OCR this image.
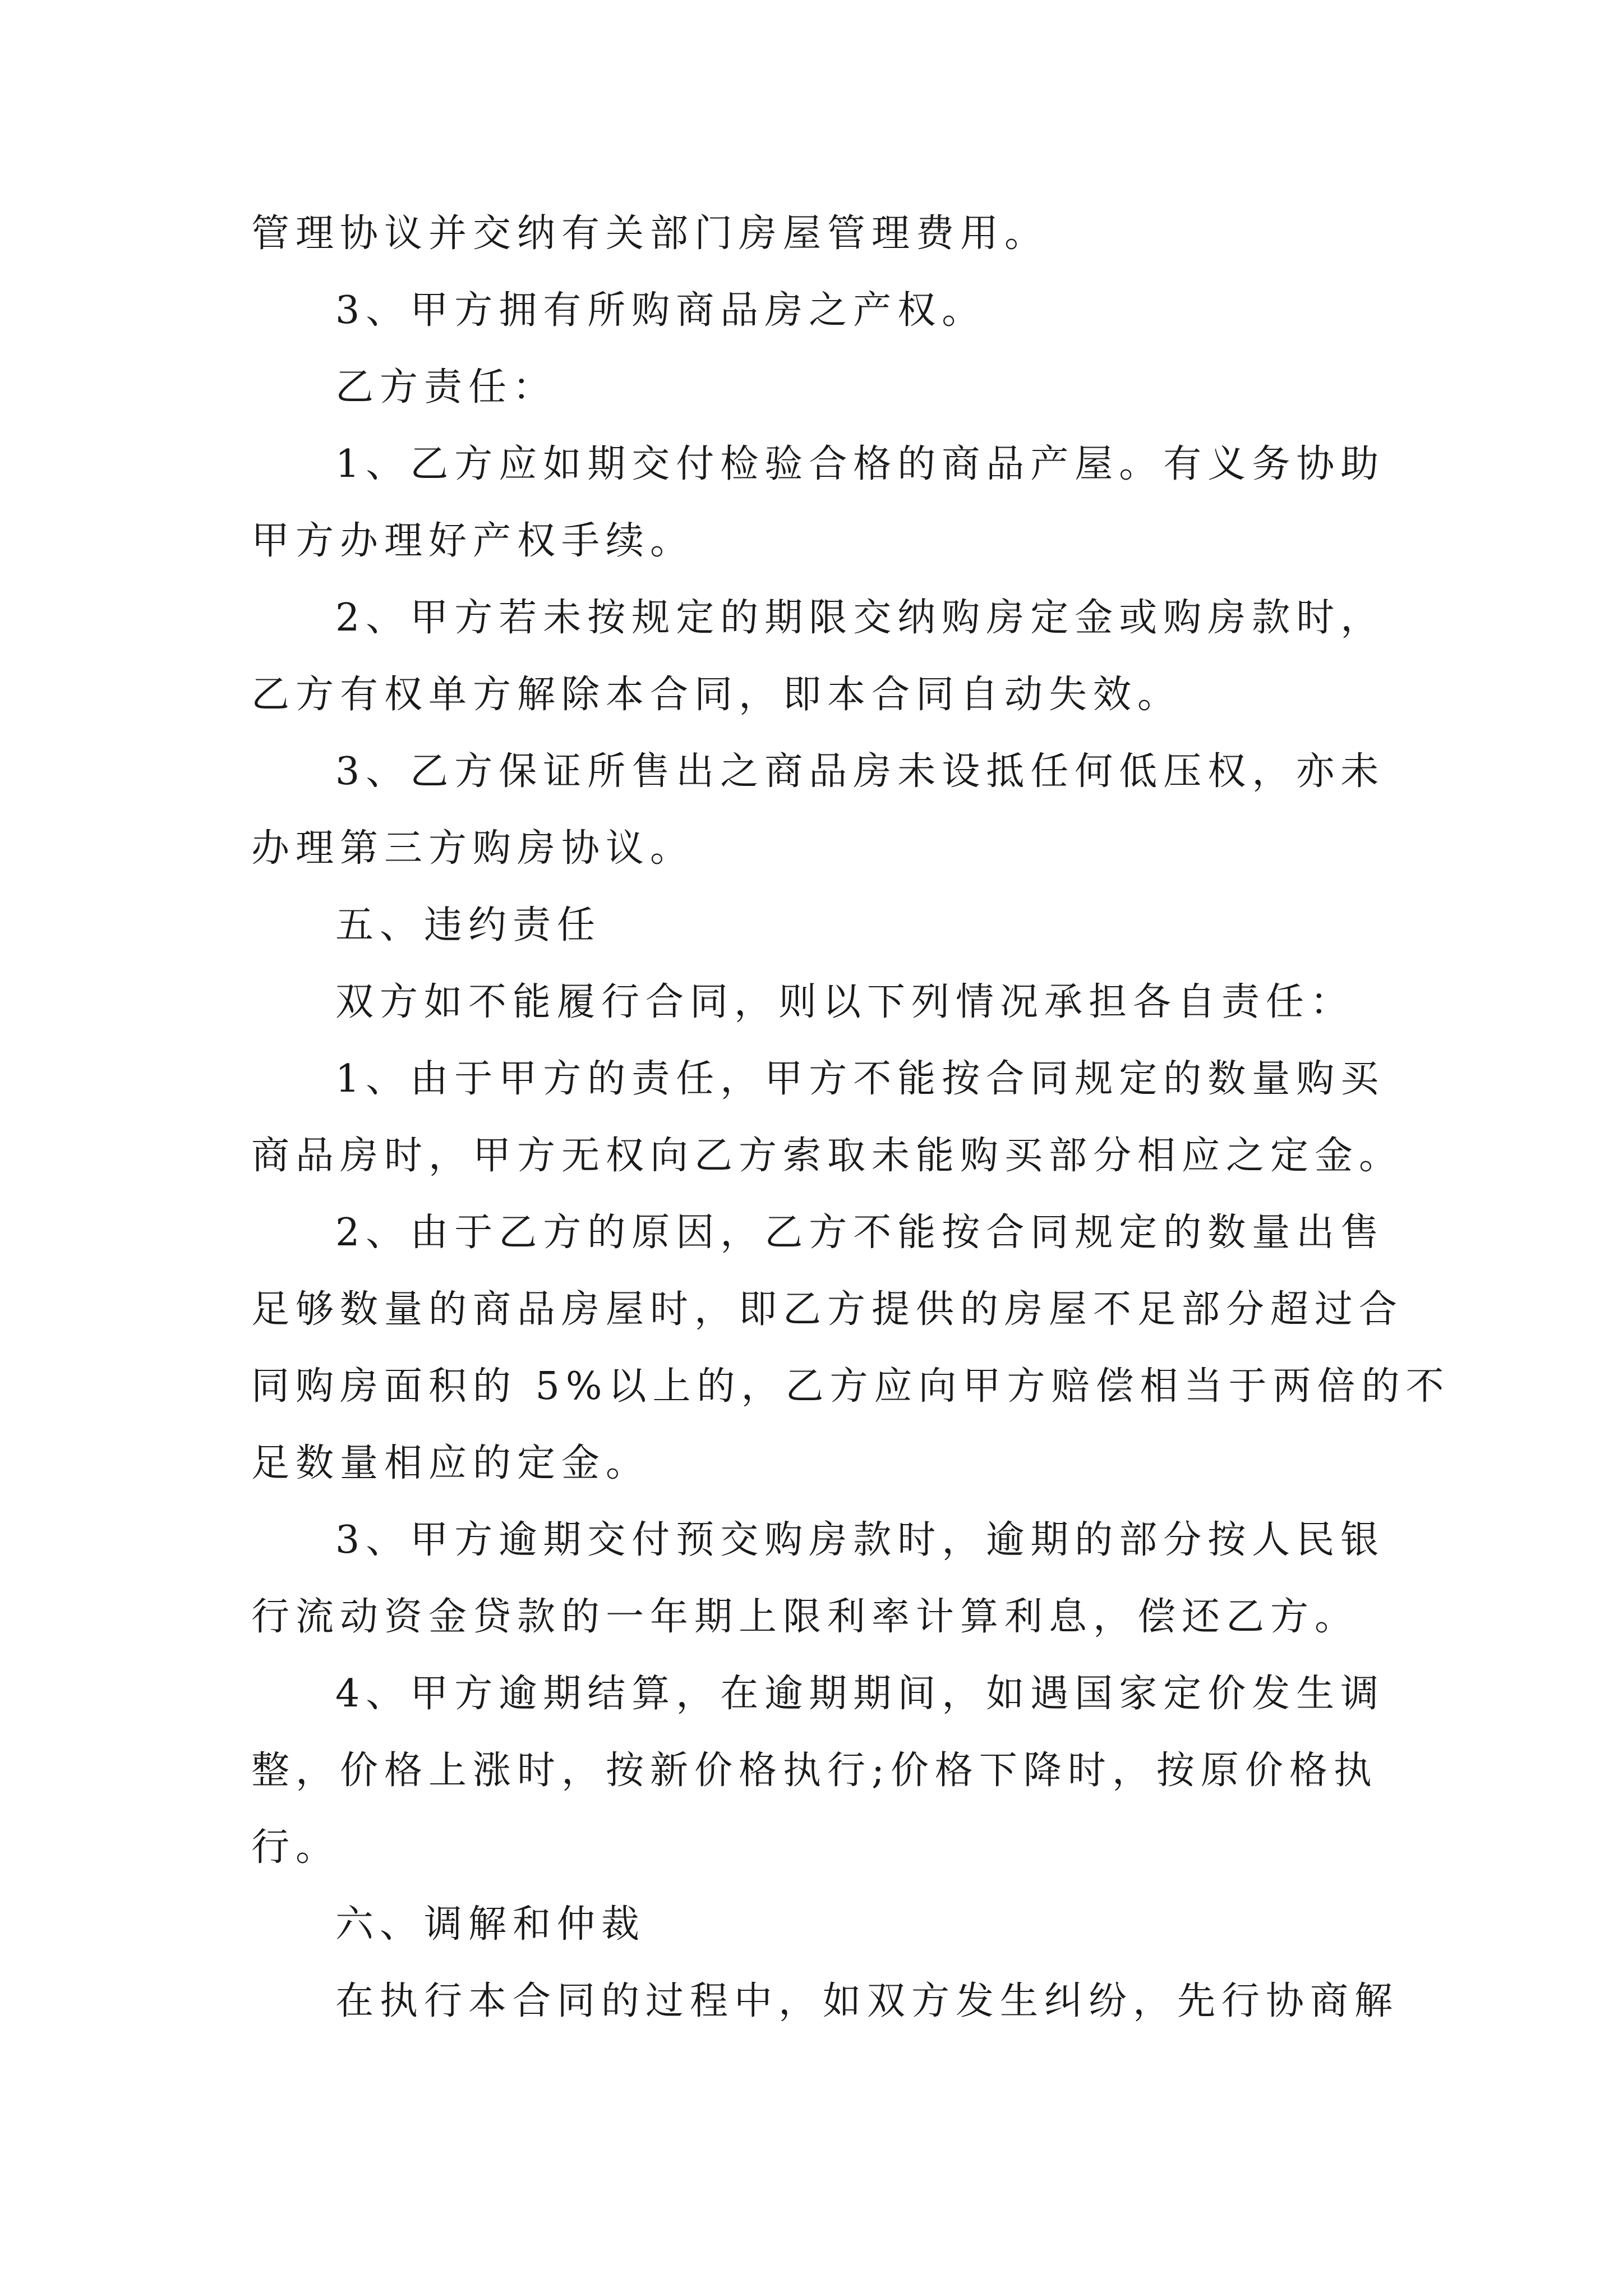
管理协议并交纳有关部门房屋管理费用。
3、甲方拥有所购商品房之产权。
乙方责任：
1、乙方应如期交付检验合格的商品产屋。有义务协助
甲方办理好产权手续。
2、甲方若未按规定的期限交纳购房定金或购房款时，
乙方有权单方解除本合同，即本合同自动失效。
3、乙方保证所售出之商品房未设抵任何低压权，亦未
办理第三方购房协议。
五、违约责任
双方如不能履行合同，则以下列情况承担各自责任：
1、由于甲方的责任，甲方不能按合同规定的数量购买
商品房时，甲方无权向乙方索取未能购买部分相应之定金。
2、由于乙方的原因，乙方不能按合同规定的数量出售
足够数量的商品房屋时，即乙方提供的房屋不足部分超过合
同购房面积的 5%以上的，乙方应向甲方赔偿相当于两倍的不
足数量相应的定金。
3、甲方逾期交付预交购房款时，逾期的部分按人民银
行流动资金贷款的一年期上限利率计算利息，偿还乙方。
4、甲方逾期结算，在逾期期间，如遇国家定价发生调
整，价格上涨时，按新价格执行;价格下降时，按原价格执
行。
六、调解和仲裁
在执行本合同的过程中，如双方发生纠纷，先行协商解
